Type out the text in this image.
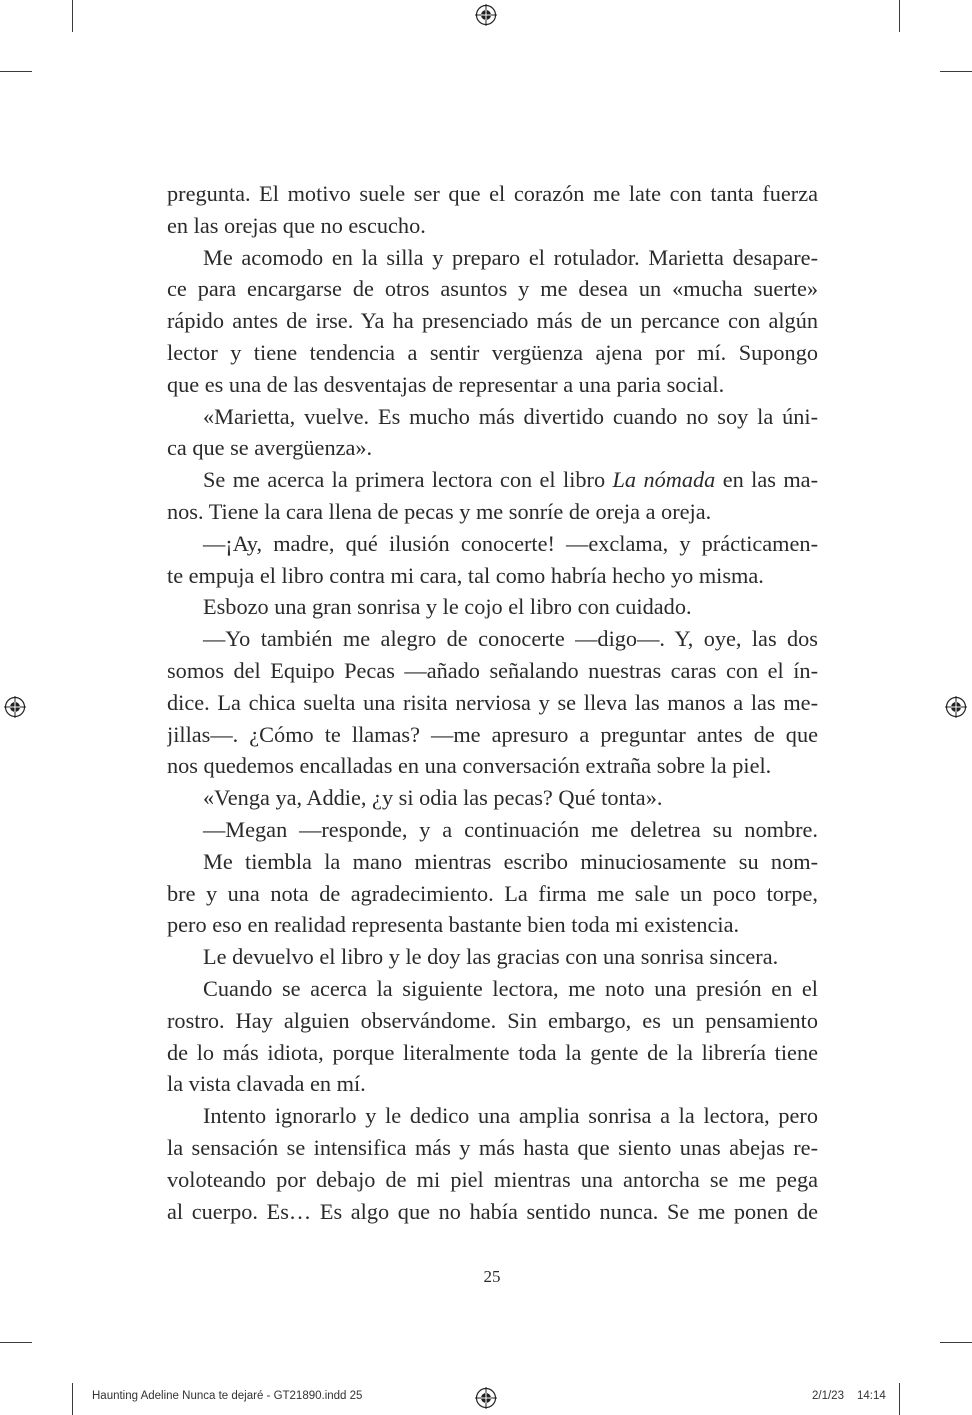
pregunta. El motivo suele ser que el corazón me late con tanta fuerza
en las orejas que no escucho.
Me acomodo en la silla y preparo el rotulador. Marietta desapare-
ce para encargarse de otros asuntos y me desea un «mucha suerte»
rápido antes de irse. Ya ha presenciado más de un percance con algún
lector y tiene tendencia a sentir vergüenza ajena por mí. Supongo
que es una de las desventajas de representar a una paria social.
«Marietta, vuelve. Es mucho más divertido cuando no soy la úni-
ca que se avergüenza».
Se me acerca la primera lectora con el libro La nómada en las ma-
nos. Tiene la cara llena de pecas y me sonríe de oreja a oreja.
—¡Ay, madre, qué ilusión conocerte! —exclama, y prácticamen-
te empuja el libro contra mi cara, tal como habría hecho yo misma.
Esbozo una gran sonrisa y le cojo el libro con cuidado.
—Yo también me alegro de conocerte —digo—. Y, oye, las dos
somos del Equipo Pecas —añado señalando nuestras caras con el ín-
dice. La chica suelta una risita nerviosa y se lleva las manos a las me-
jillas—. ¿Cómo te llamas? —me apresuro a preguntar antes de que
nos quedemos encalladas en una conversación extraña sobre la piel.
«Venga ya, Addie, ¿y si odia las pecas? Qué tonta».
—Megan —responde, y a continuación me deletrea su nombre.
Me tiembla la mano mientras escribo minuciosamente su nom-
bre y una nota de agradecimiento. La firma me sale un poco torpe,
pero eso en realidad representa bastante bien toda mi existencia.
Le devuelvo el libro y le doy las gracias con una sonrisa sincera.
Cuando se acerca la siguiente lectora, me noto una presión en el
rostro. Hay alguien observándome. Sin embargo, es un pensamiento
de lo más idiota, porque literalmente toda la gente de la librería tiene
la vista clavada en mí.
Intento ignorarlo y le dedico una amplia sonrisa a la lectora, pero
la sensación se intensifica más y más hasta que siento unas abejas re-
voloteando por debajo de mi piel mientras una antorcha se me pega
al cuerpo. Es… Es algo que no había sentido nunca. Se me ponen de
25
Haunting Adeline Nunca te dejaré - GT21890.indd 25	2/1/23 14:14
